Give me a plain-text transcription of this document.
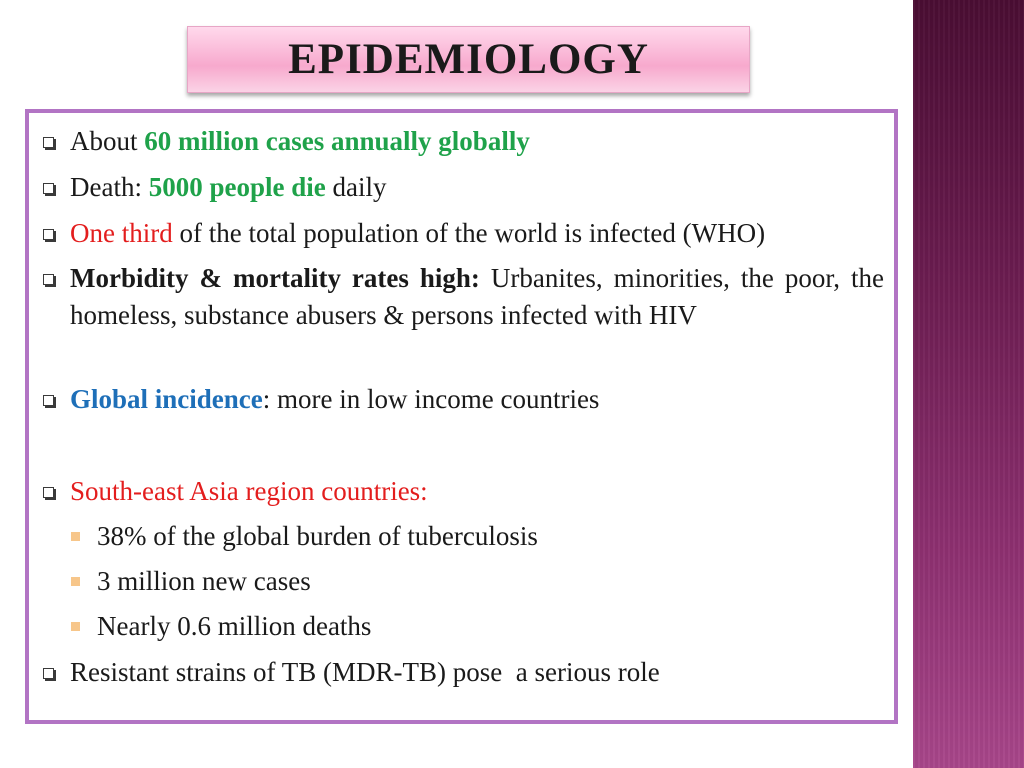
EPIDEMIOLOGY
About 60 million cases annually globally
Death: 5000 people die daily
One third of the total population of the world is infected (WHO)
Morbidity & mortality rates high: Urbanites, minorities, the poor, the homeless, substance abusers & persons infected with HIV
Global incidence: more in low income countries
South-east Asia region countries:
38% of the global burden of tuberculosis
3 million new cases
Nearly 0.6 million deaths
Resistant strains of TB (MDR-TB) pose  a serious role
